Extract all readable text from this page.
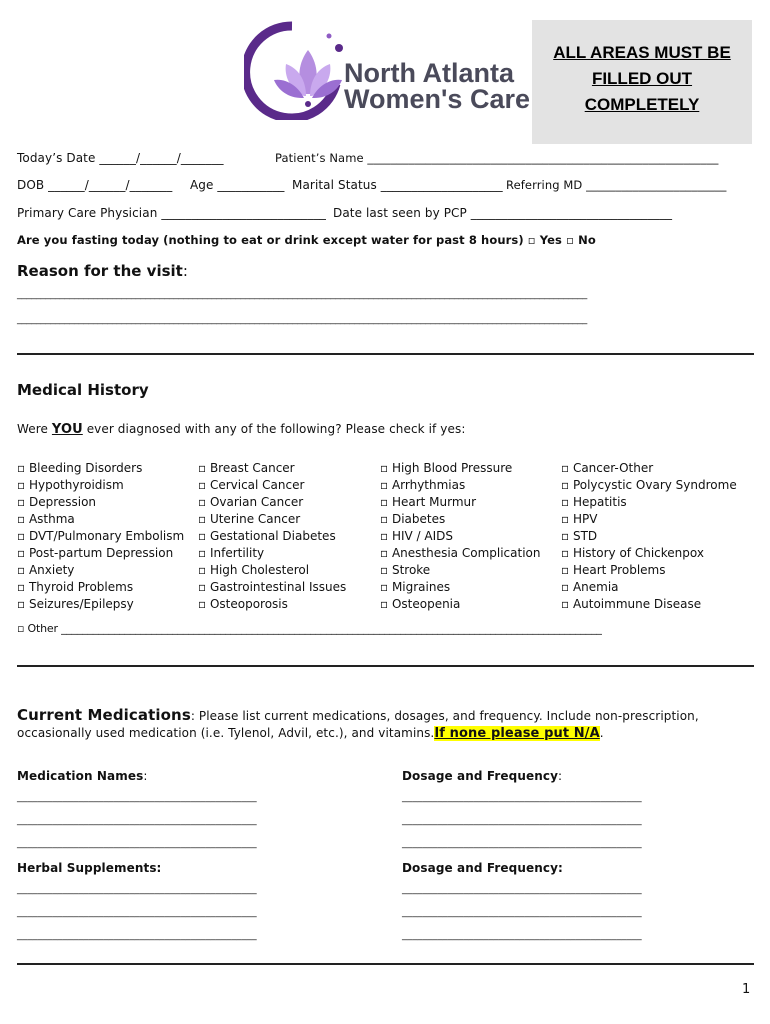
North Atlanta
Women's Care
ALL AREAS MUST BE
FILLED OUT
COMPLETELY
Today’s Date ______/______/_______	Patient’s Name ____________________________________________________________
DOB ______/______/_______ Age ___________ Marital Status ____________________ Referring MD ________________________
Primary Care Physician ___________________________ Date last seen by PCP _________________________________
Are you fasting today (nothing to eat or drink except water for past 8 hours) ▫ Yes ▫ No
Reason for the visit:
________________________________________________________________________________________________________________________
________________________________________________________________________________________________________________________
Medical History
Were YOU ever diagnosed with any of the following? Please check if yes:
▫ Bleeding Disorders
▫ Hypothyroidism
▫ Depression
▫ Asthma
▫ DVT/Pulmonary Embolism
▫ Post-partum Depression
▫ Anxiety
▫ Thyroid Problems
▫ Seizures/Epilepsy
▫ Breast Cancer
▫ Cervical Cancer
▫ Ovarian Cancer
▫ Uterine Cancer
▫ Gestational Diabetes
▫ Infertility
▫ High Cholesterol
▫ Gastrointestinal Issues
▫ Osteoporosis
▫ High Blood Pressure
▫ Arrhythmias
▫ Heart Murmur
▫ Diabetes
▫ HIV / AIDS
▫ Anesthesia Complication
▫ Stroke
▫ Migraines
▫ Osteopenia
▫ Cancer-Other
▫ Polycystic Ovary Syndrome
▫ Hepatitis
▫ HPV
▫ STD
▫ History of Chickenpox
▫ Heart Problems
▫ Anemia
▫ Autoimmune Disease
▫ Other ______________________________________________________________________________________________________
Current Medications: Please list current medications, dosages, and frequency. Include non-prescription,
occasionally used medication (i.e. Tylenol, Advil, etc.), and vitamins.If none please put N/A.
Medication Names:	Dosage and Frequency:
_______________________________________________
_______________________________________________
_______________________________________________
_______________________________________________
_______________________________________________
_______________________________________________
Herbal Supplements:	Dosage and Frequency:
_______________________________________________
_______________________________________________
_______________________________________________
_______________________________________________
_______________________________________________
_______________________________________________
1
